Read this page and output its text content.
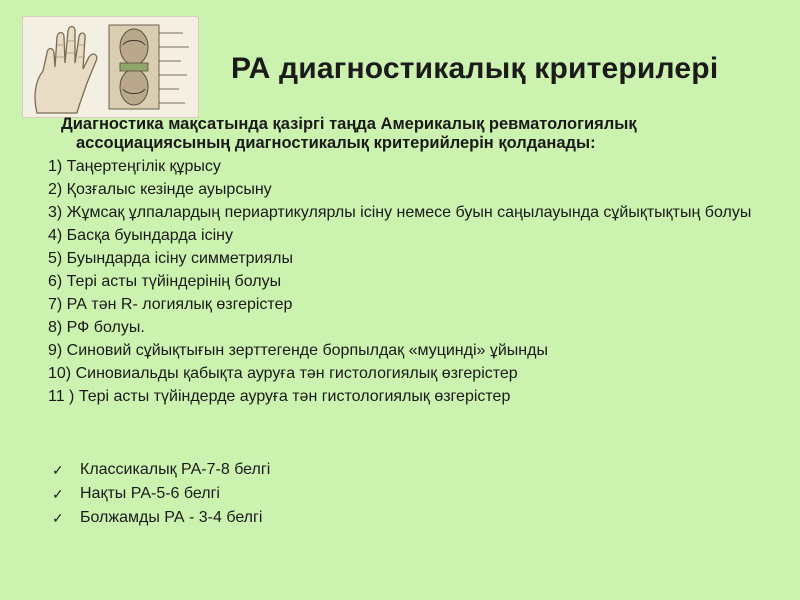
РА диагностикалық критерилері
Диагностика мақсатында қазіргі таңда Америкалық ревматологиялық
ассоциациясының диагностикалық критерийлерін қолданады:
1) Таңертеңгілік құрысу
2) Қозғалыс кезінде ауырсыну
3) Жұмсақ ұлпалардың периартикулярлы ісіну немесе буын саңылауында сұйықтықтың болуы
4) Басқа буындарда ісіну
5) Буындарда ісіну симметриялы
6) Тері асты түйіндерінің болуы
7) РА тән R- логиялық өзгерістер
8) РФ болуы.
9) Синовий сұйықтығын зерттегенде борпылдақ «муцинді» ұйынды
10) Синовиальды қабықта ауруға тән гистологиялық өзгерістер
11 ) Тері асты түйіндерде ауруға тән гистологиялық өзгерістер
✓	Классикалық РА-7-8 белгі
✓	Нақты РА-5-6 белгі
✓	Болжамды РА - 3-4 белгі
